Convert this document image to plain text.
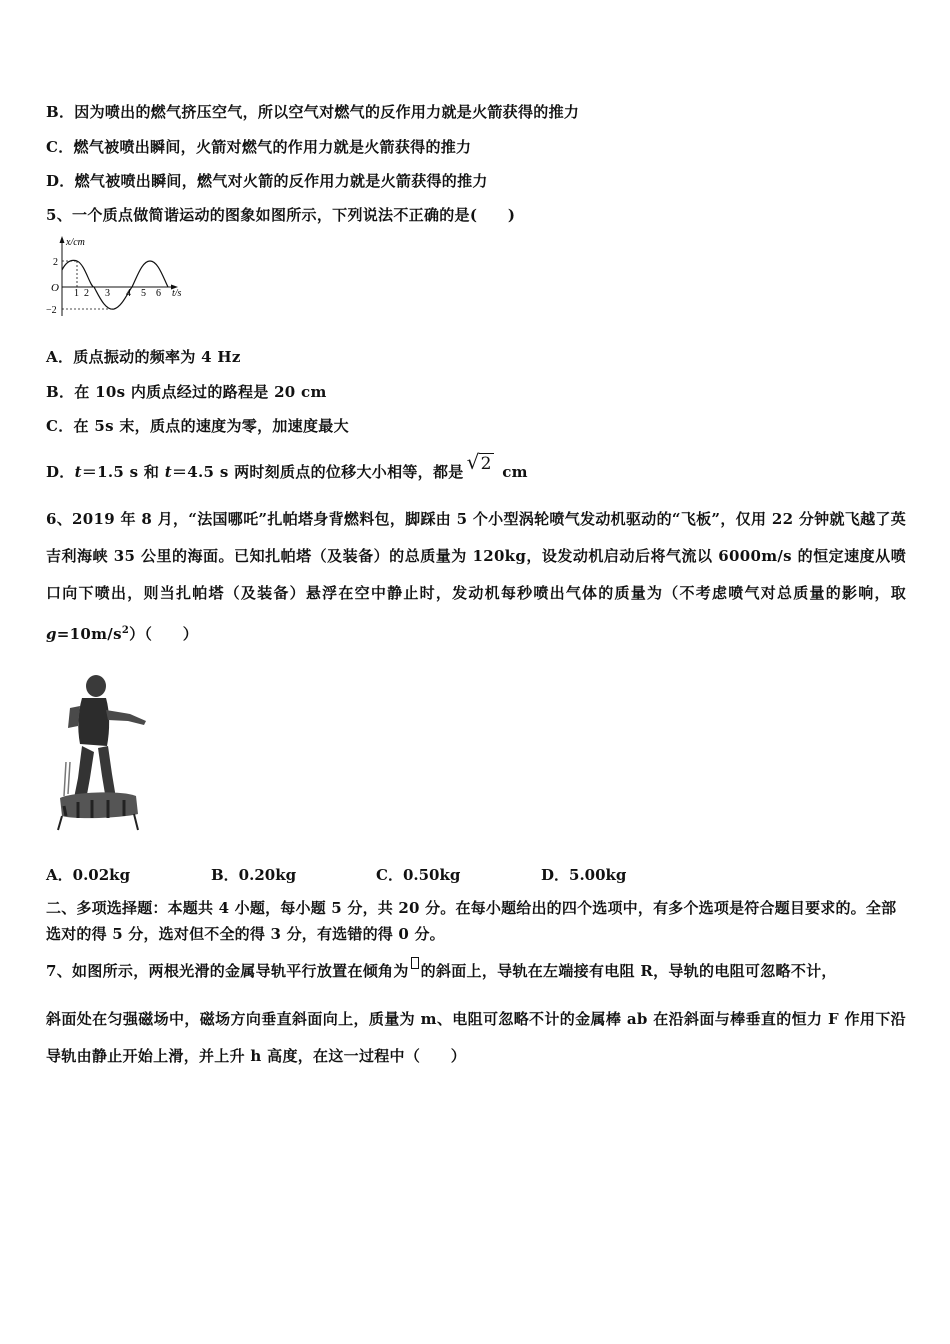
B．因为喷出的燃气挤压空气，所以空气对燃气的反作用力就是火箭获得的推力
C．燃气被喷出瞬间，火箭对燃气的作用力就是火箭获得的推力
D．燃气被喷出瞬间，燃气对火箭的反作用力就是火箭获得的推力
5、一个质点做简谐运动的图象如图所示，下列说法不正确的是(　　)
x/cm
t/s
O
2
−2
1 2 3 4 5 6
A．质点振动的频率为 4 Hz
B．在 10s 内质点经过的路程是 20 cm
C．在 5s 末，质点的速度为零，加速度最大
D．t＝1.5 s 和 t＝4.5 s 两时刻质点的位移大小相等，都是 √ 2 cm
6、2019 年 8 月，“法国哪吒”扎帕塔身背燃料包，脚踩由 5 个小型涡轮喷气发动机驱动的“飞板”，仅用 22 分钟就飞越了英吉利海峡 35 公里的海面。已知扎帕塔（及装备）的总质量为 120kg，设发动机启动后将气流以 6000m/s 的恒定速度从喷口向下喷出，则当扎帕塔（及装备）悬浮在空中静止时，发动机每秒喷出气体的质量为（不考虑喷气对总质量的影响，取 $g=10m/s^2$）（　　）
A．0.02kg	B．0.20kg	C．0.50kg	D．5.00kg
二、多项选择题：本题共 4 小题，每小题 5 分，共 20 分。在每小题给出的四个选项中，有多个选项是符合题目要求的。全部选对的得 5 分，选对但不全的得 3 分，有选错的得 0 分。
7、如图所示，两根光滑的金属导轨平行放置在倾角为 的斜面上，导轨在左端接有电阻 R，导轨的电阻可忽略不计，
斜面处在匀强磁场中，磁场方向垂直斜面向上，质量为 m、电阻可忽略不计的金属棒 ab 在沿斜面与棒垂直的恒力 F 作用下沿导轨由静止开始上滑，并上升 h 高度，在这一过程中（　　）
